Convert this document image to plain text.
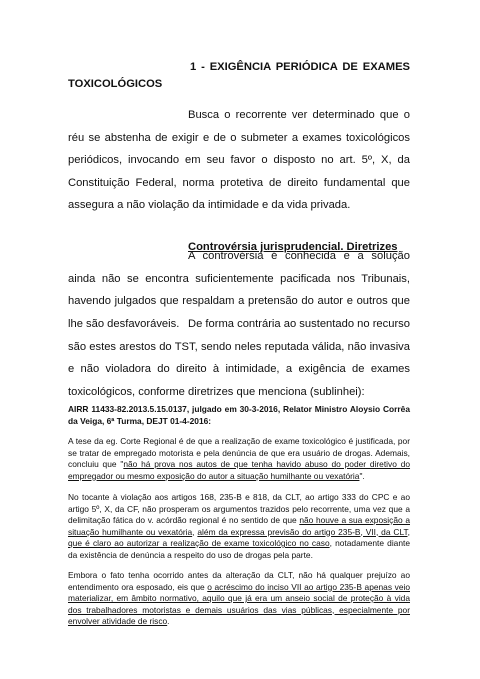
1 - EXIGÊNCIA PERIÓDICA DE EXAMES
TOXICOLÓGICOS
Busca o recorrente ver determinado que o réu se abstenha de exigir e de o submeter a exames toxicológicos periódicos, invocando em seu favor o disposto no art. 5º, X, da Constituição Federal, norma protetiva de direito fundamental que assegura a não violação da intimidade e da vida privada.
Controvérsia jurisprudencial. Diretrizes
A controvérsia é conhecida e a solução ainda não se encontra suficientemente pacificada nos Tribunais, havendo julgados que respaldam a pretensão do autor e outros que lhe são desfavoráveis. De forma contrária ao sustentado no recurso são estes arestos do TST, sendo neles reputada válida, não invasiva e não violadora do direito à intimidade, a exigência de exames toxicológicos, conforme diretrizes que menciona (sublinhei):
AIRR 11433-82.2013.5.15.0137, julgado em 30-3-2016, Relator Ministro Aloysio Corrêa da Veiga, 6ª Turma, DEJT 01-4-2016:
A tese da eg. Corte Regional é de que a realização de exame toxicológico é justificada, por se tratar de empregado motorista e pela denúncia de que era usuário de drogas. Ademais, concluiu que "não há prova nos autos de que tenha havido abuso do poder diretivo do empregador ou mesmo exposição do autor a situação humilhante ou vexatória".
No tocante à violação aos artigos 168, 235-B e 818, da CLT, ao artigo 333 do CPC e ao artigo 5º, X, da CF, não prosperam os argumentos trazidos pelo recorrente, uma vez que a delimitação fática do v. acórdão regional é no sentido de que não houve a sua exposição a situação humilhante ou vexatória, além da expressa previsão do artigo 235-B, VII, da CLT, que é claro ao autorizar a realização de exame toxicológico no caso, notadamente diante da existência de denúncia a respeito do uso de drogas pela parte.
Embora o fato tenha ocorrido antes da alteração da CLT, não há qualquer prejuízo ao entendimento ora esposado, eis que o acréscimo do inciso VII ao artigo 235-B apenas veio materializar, em âmbito normativo, aquilo que já era um anseio social de proteção à vida dos trabalhadores motoristas e demais usuários das vias públicas, especialmente por envolver atividade de risco.
